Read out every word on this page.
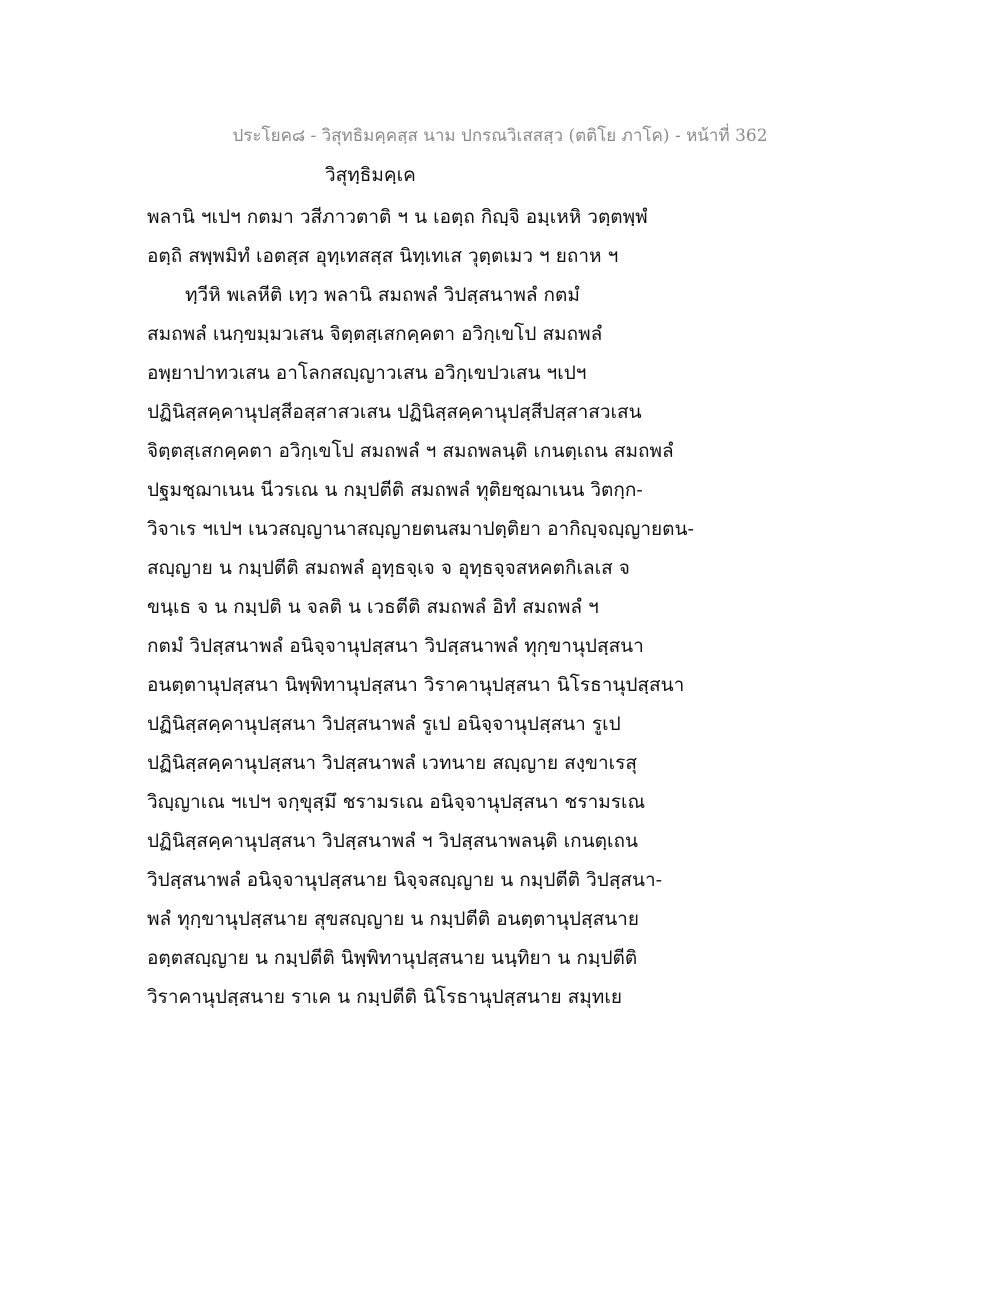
ประโยค๘ - วิสุทธิมคฺคสฺส นาม ปกรณวิเสสสฺว (ตติโย ภาโค) - หน้าที่ 362
วิสุทฺธิมคฺเค
พลานิ ฯเปฯ กตมา วสีภาวตาติ ฯ น เอตฺถ กิญฺจิ อมฺเหหิ วตฺตพฺพํ
อตฺถิ สพฺพมิทํ เอตสฺส อุทฺเทสสฺส นิทฺเทเส วุตฺตเมว ฯ ยถาห ฯ
ทฺวีหิ พเลหีติ เทฺว พลานิ สมถพลํ วิปสฺสนาพลํ กตมํ
สมถพลํ เนกฺขมฺมวเสน จิตฺตสฺเสกคฺคตา อวิกฺเขโป สมถพลํ
อพฺยาปาทวเสน อาโลกสญฺญาวเสน อวิกฺเขปวเสน ฯเปฯ
ปฏินิสฺสคฺคานุปสฺสีอสฺสาสวเสน ปฏินิสฺสคฺคานุปสฺสีปสฺสาสวเสน
จิตฺตสฺเสกคฺคตา อวิกฺเขโป สมถพลํ ฯ สมถพลนฺติ เกนตฺเถน สมถพลํ
ปฐมชฺฌาเนน นีวรเณ น กมฺปตีติ สมถพลํ ทุติยชฺฌาเนน วิตกฺก-
วิจาเร ฯเปฯ เนวสญฺญานาสญฺญายตนสมาปตฺติยา อากิญฺจญฺญายตน-
สญฺญาย น กมฺปตีติ สมถพลํ อุทฺธจฺเจ จ อุทฺธจฺจสหคตกิเลเส จ
ขนฺเธ จ น กมฺปติ น จลติ น เวธตีติ สมถพลํ อิทํ สมถพลํ ฯ
กตมํ วิปสฺสนาพลํ อนิจฺจานุปสฺสนา วิปสฺสนาพลํ ทุกฺขานุปสฺสนา
อนตฺตานุปสฺสนา นิพฺพิทานุปสฺสนา วิราคานุปสฺสนา นิโรธานุปสฺสนา
ปฏินิสฺสคฺคานุปสฺสนา วิปสฺสนาพลํ รูเป อนิจฺจานุปสฺสนา รูเป
ปฏินิสฺสคฺคานุปสฺสนา วิปสฺสนาพลํ เวทนาย สญฺญาย สงฺขาเรสุ
วิญฺญาเณ ฯเปฯ จกฺขุสฺมึ ชรามรเณ อนิจฺจานุปสฺสนา ชรามรเณ
ปฏินิสฺสคฺคานุปสฺสนา วิปสฺสนาพลํ ฯ วิปสฺสนาพลนฺติ เกนตฺเถน
วิปสฺสนาพลํ อนิจฺจานุปสฺสนาย นิจฺจสญฺญาย น กมฺปตีติ วิปสฺสนา-
พลํ ทุกฺขานุปสฺสนาย สุขสญฺญาย น กมฺปตีติ อนตฺตานุปสฺสนาย
อตฺตสญฺญาย น กมฺปตีติ นิพฺพิทานุปสฺสนาย นนฺทิยา น กมฺปตีติ
วิราคานุปสฺสนาย ราเค น กมฺปตีติ นิโรธานุปสฺสนาย สมุทเย
